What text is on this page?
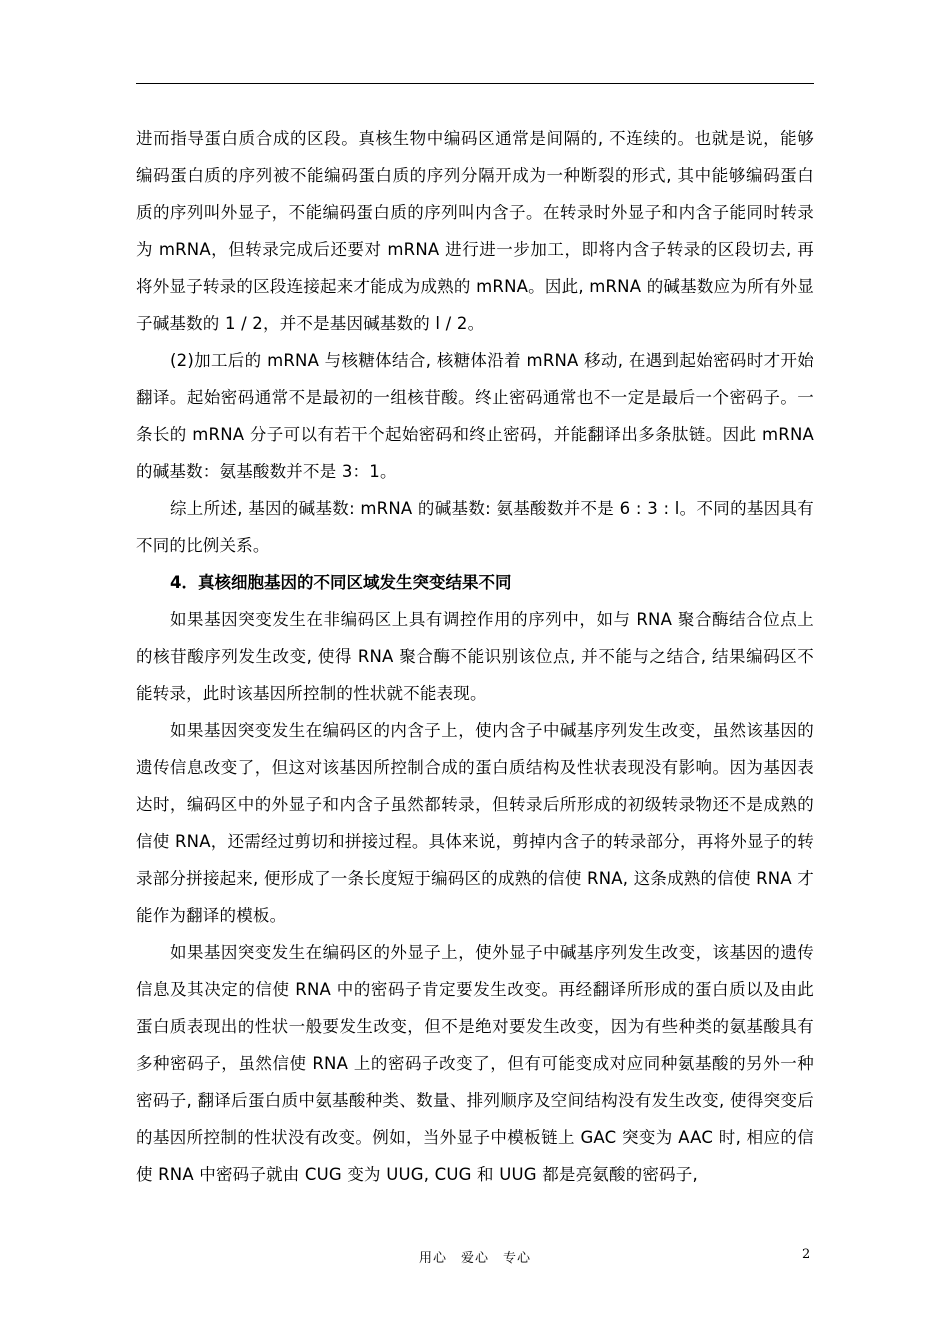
进而指导蛋白质合成的区段。真核生物中编码区通常是间隔的, 不连续的。也就是说，能够编码蛋白质的序列被不能编码蛋白质的序列分隔开成为一种断裂的形式, 其中能够编码蛋白质的序列叫外显子，不能编码蛋白质的序列叫内含子。在转录时外显子和内含子能同时转录为 mRNA，但转录完成后还要对 mRNA 进行进一步加工，即将内含子转录的区段切去, 再将外显子转录的区段连接起来才能成为成熟的 mRNA。因此, mRNA 的碱基数应为所有外显子碱基数的 1 / 2，并不是基因碱基数的 l / 2。

(2)加工后的 mRNA 与核糖体结合, 核糖体沿着 mRNA 移动, 在遇到起始密码时才开始翻译。起始密码通常不是最初的一组核苷酸。终止密码通常也不一定是最后一个密码子。一条长的 mRNA 分子可以有若干个起始密码和终止密码，并能翻译出多条肽链。因此 mRNA 的碱基数：氨基酸数并不是 3：1。

综上所述, 基因的碱基数: mRNA 的碱基数: 氨基酸数并不是 6 : 3 : l。不同的基因具有不同的比例关系。

4．真核细胞基因的不同区域发生突变结果不同

如果基因突变发生在非编码区上具有调控作用的序列中，如与 RNA 聚合酶结合位点上的核苷酸序列发生改变, 使得 RNA 聚合酶不能识别该位点, 并不能与之结合, 结果编码区不能转录，此时该基因所控制的性状就不能表现。

如果基因突变发生在编码区的内含子上，使内含子中碱基序列发生改变，虽然该基因的遗传信息改变了，但这对该基因所控制合成的蛋白质结构及性状表现没有影响。因为基因表达时，编码区中的外显子和内含子虽然都转录，但转录后所形成的初级转录物还不是成熟的信使 RNA，还需经过剪切和拼接过程。具体来说，剪掉内含子的转录部分，再将外显子的转录部分拼接起来, 便形成了一条长度短于编码区的成熟的信使 RNA, 这条成熟的信使 RNA 才能作为翻译的模板。

如果基因突变发生在编码区的外显子上，使外显子中碱基序列发生改变，该基因的遗传信息及其决定的信使 RNA 中的密码子肯定要发生改变。再经翻译所形成的蛋白质以及由此蛋白质表现出的性状一般要发生改变，但不是绝对要发生改变，因为有些种类的氨基酸具有多种密码子，虽然信使 RNA 上的密码子改变了，但有可能变成对应同种氨基酸的另外一种密码子, 翻译后蛋白质中氨基酸种类、数量、排列顺序及空间结构没有发生改变, 使得突变后的基因所控制的性状没有改变。例如，当外显子中模板链上 GAC 突变为 AAC 时, 相应的信使 RNA 中密码子就由 CUG 变为 UUG, CUG 和 UUG 都是亮氨酸的密码子,

用心　爱心　专心	2
